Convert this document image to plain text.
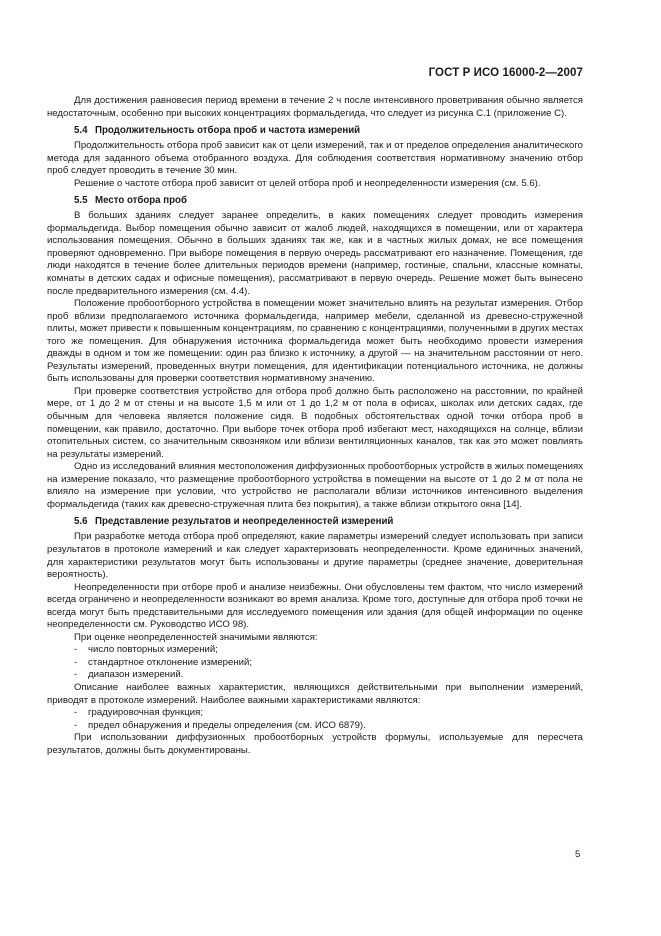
ГОСТ Р ИСО 16000-2—2007

Для достижения равновесия период времени в течение 2 ч после интенсивного проветривания обычно является недостаточным, особенно при высоких концентрациях формальдегида, что следует из рисунка С.1 (приложение С).

5.4 Продолжительность отбора проб и частота измерений

Продолжительность отбора проб зависит как от цели измерений, так и от пределов определения аналитического метода для заданного объема отобранного воздуха. Для соблюдения соответствия нормативному значению отбор проб следует проводить в течение 30 мин.

Решение о частоте отбора проб зависит от целей отбора проб и неопределенности измерения (см. 5.6).

5.5 Место отбора проб

В больших зданиях следует заранее определить, в каких помещениях следует проводить измерения формальдегида. Выбор помещения обычно зависит от жалоб людей, находящихся в помещении, или от характера использования помещения. Обычно в больших зданиях так же, как и в частных жилых домах, не все помещения проверяют одновременно. При выборе помещения в первую очередь рассматривают его назначение. Помещения, где люди находятся в течение более длительных периодов времени (например, гостиные, спальни, классные комнаты, комнаты в детских садах и офисные помещения), рассматривают в первую очередь. Решение может быть вынесено после предварительного измерения (см. 4.4).

Положение пробоотборного устройства в помещении может значительно влиять на результат измерения. Отбор проб вблизи предполагаемого источника формальдегида, например мебели, сделанной из древесно-стружечной плиты, может привести к повышенным концентрациям, по сравнению с концентрациями, полученными в других местах того же помещения. Для обнаружения источника формальдегида может быть необходимо провести измерения дважды в одном и том же помещении: один раз близко к источнику, а другой — на значительном расстоянии от него. Результаты измерений, проведенных внутри помещения, для идентификации потенциального источника, не должны быть использованы для проверки соответствия нормативному значению.

При проверке соответствия устройство для отбора проб должно быть расположено на расстоянии, по крайней мере, от 1 до 2 м от стены и на высоте 1,5 м или от 1 до 1,2 м от пола в офисах, школах или детских садах, где обычным для человека является положение сидя. В подобных обстоятельствах одной точки отбора проб в помещении, как правило, достаточно. При выборе точек отбора проб избегают мест, находящихся на солнце, вблизи отопительных систем, со значительным сквозняком или вблизи вентиляционных каналов, так как это может повлиять на результаты измерений.

Одно из исследований влияния местоположения диффузионных пробоотборных устройств в жилых помещениях на измерение показало, что размещение пробоотборного устройства в помещении на высоте от 1 до 2 м от пола не влияло на измерение при условии, что устройство не располагали вблизи источников интенсивного выделения формальдегида (таких как древесно-стружечная плита без покрытия), а также вблизи открытого окна [14].

5.6 Представление результатов и неопределенностей измерений

При разработке метода отбора проб определяют, какие параметры измерений следует использовать при записи результатов в протоколе измерений и как следует характеризовать неопределенности. Кроме единичных значений, для характеристики результатов могут быть использованы и другие параметры (среднее значение, доверительная вероятность).

Неопределенности при отборе проб и анализе неизбежны. Они обусловлены тем фактом, что число измерений всегда ограничено и неопределенности возникают во время анализа. Кроме того, доступные для отбора проб точки не всегда могут быть представительными для исследуемого помещения или здания (для общей информации по оценке неопределенности см. Руководство ИСО 98).

При оценке неопределенностей значимыми являются:

- число повторных измерений;
- стандартное отклонение измерений;
- диапазон измерений.

Описание наиболее важных характеристик, являющихся действительными при выполнении измерений, приводят в протоколе измерений. Наиболее важными характеристиками являются:

- градуировочная функция;
- предел обнаружения и пределы определения (см. ИСО 6879).

При использовании диффузионных пробоотборных устройств формулы, используемые для пересчета результатов, должны быть документированы.

5
